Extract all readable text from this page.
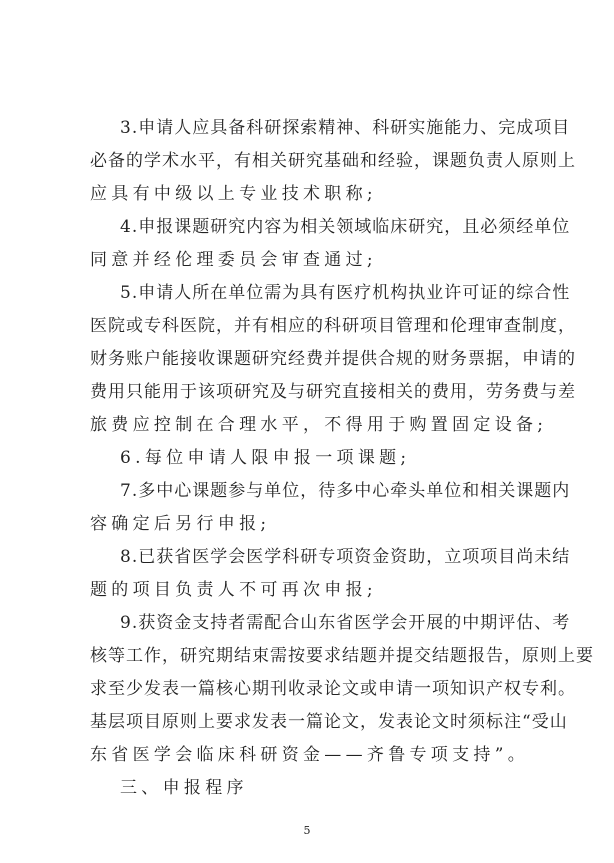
5
3.申请人应具备科研探索精神、科研实施能力、完成项目
必备的学术水平，有相关研究基础和经验，课题负责人原则上
应具有中级以上专业技术职称;
4.申报课题研究内容为相关领域临床研究，且必须经单位
同意并经伦理委员会审查通过;
5.申请人所在单位需为具有医疗机构执业许可证的综合性
医院或专科医院，并有相应的科研项目管理和伦理审查制度，
财务账户能接收课题研究经费并提供合规的财务票据，申请的
费用只能用于该项研究及与研究直接相关的费用，劳务费与差
旅费应控制在合理水平，不得用于购置固定设备;
6.每位申请人限申报一项课题;
7.多中心课题参与单位，待多中心牵头单位和相关课题内
容确定后另行申报;
8.已获省医学会医学科研专项资金资助，立项项目尚未结
题的项目负责人不可再次申报;
9.获资金支持者需配合山东省医学会开展的中期评估、考
核等工作，研究期结束需按要求结题并提交结题报告，原则上要
求至少发表一篇核心期刊收录论文或申请一项知识产权专利。
基层项目原则上要求发表一篇论文，发表论文时须标注“受山
东省医学会临床科研资金——齐鲁专项支持”。
三、申报程序
